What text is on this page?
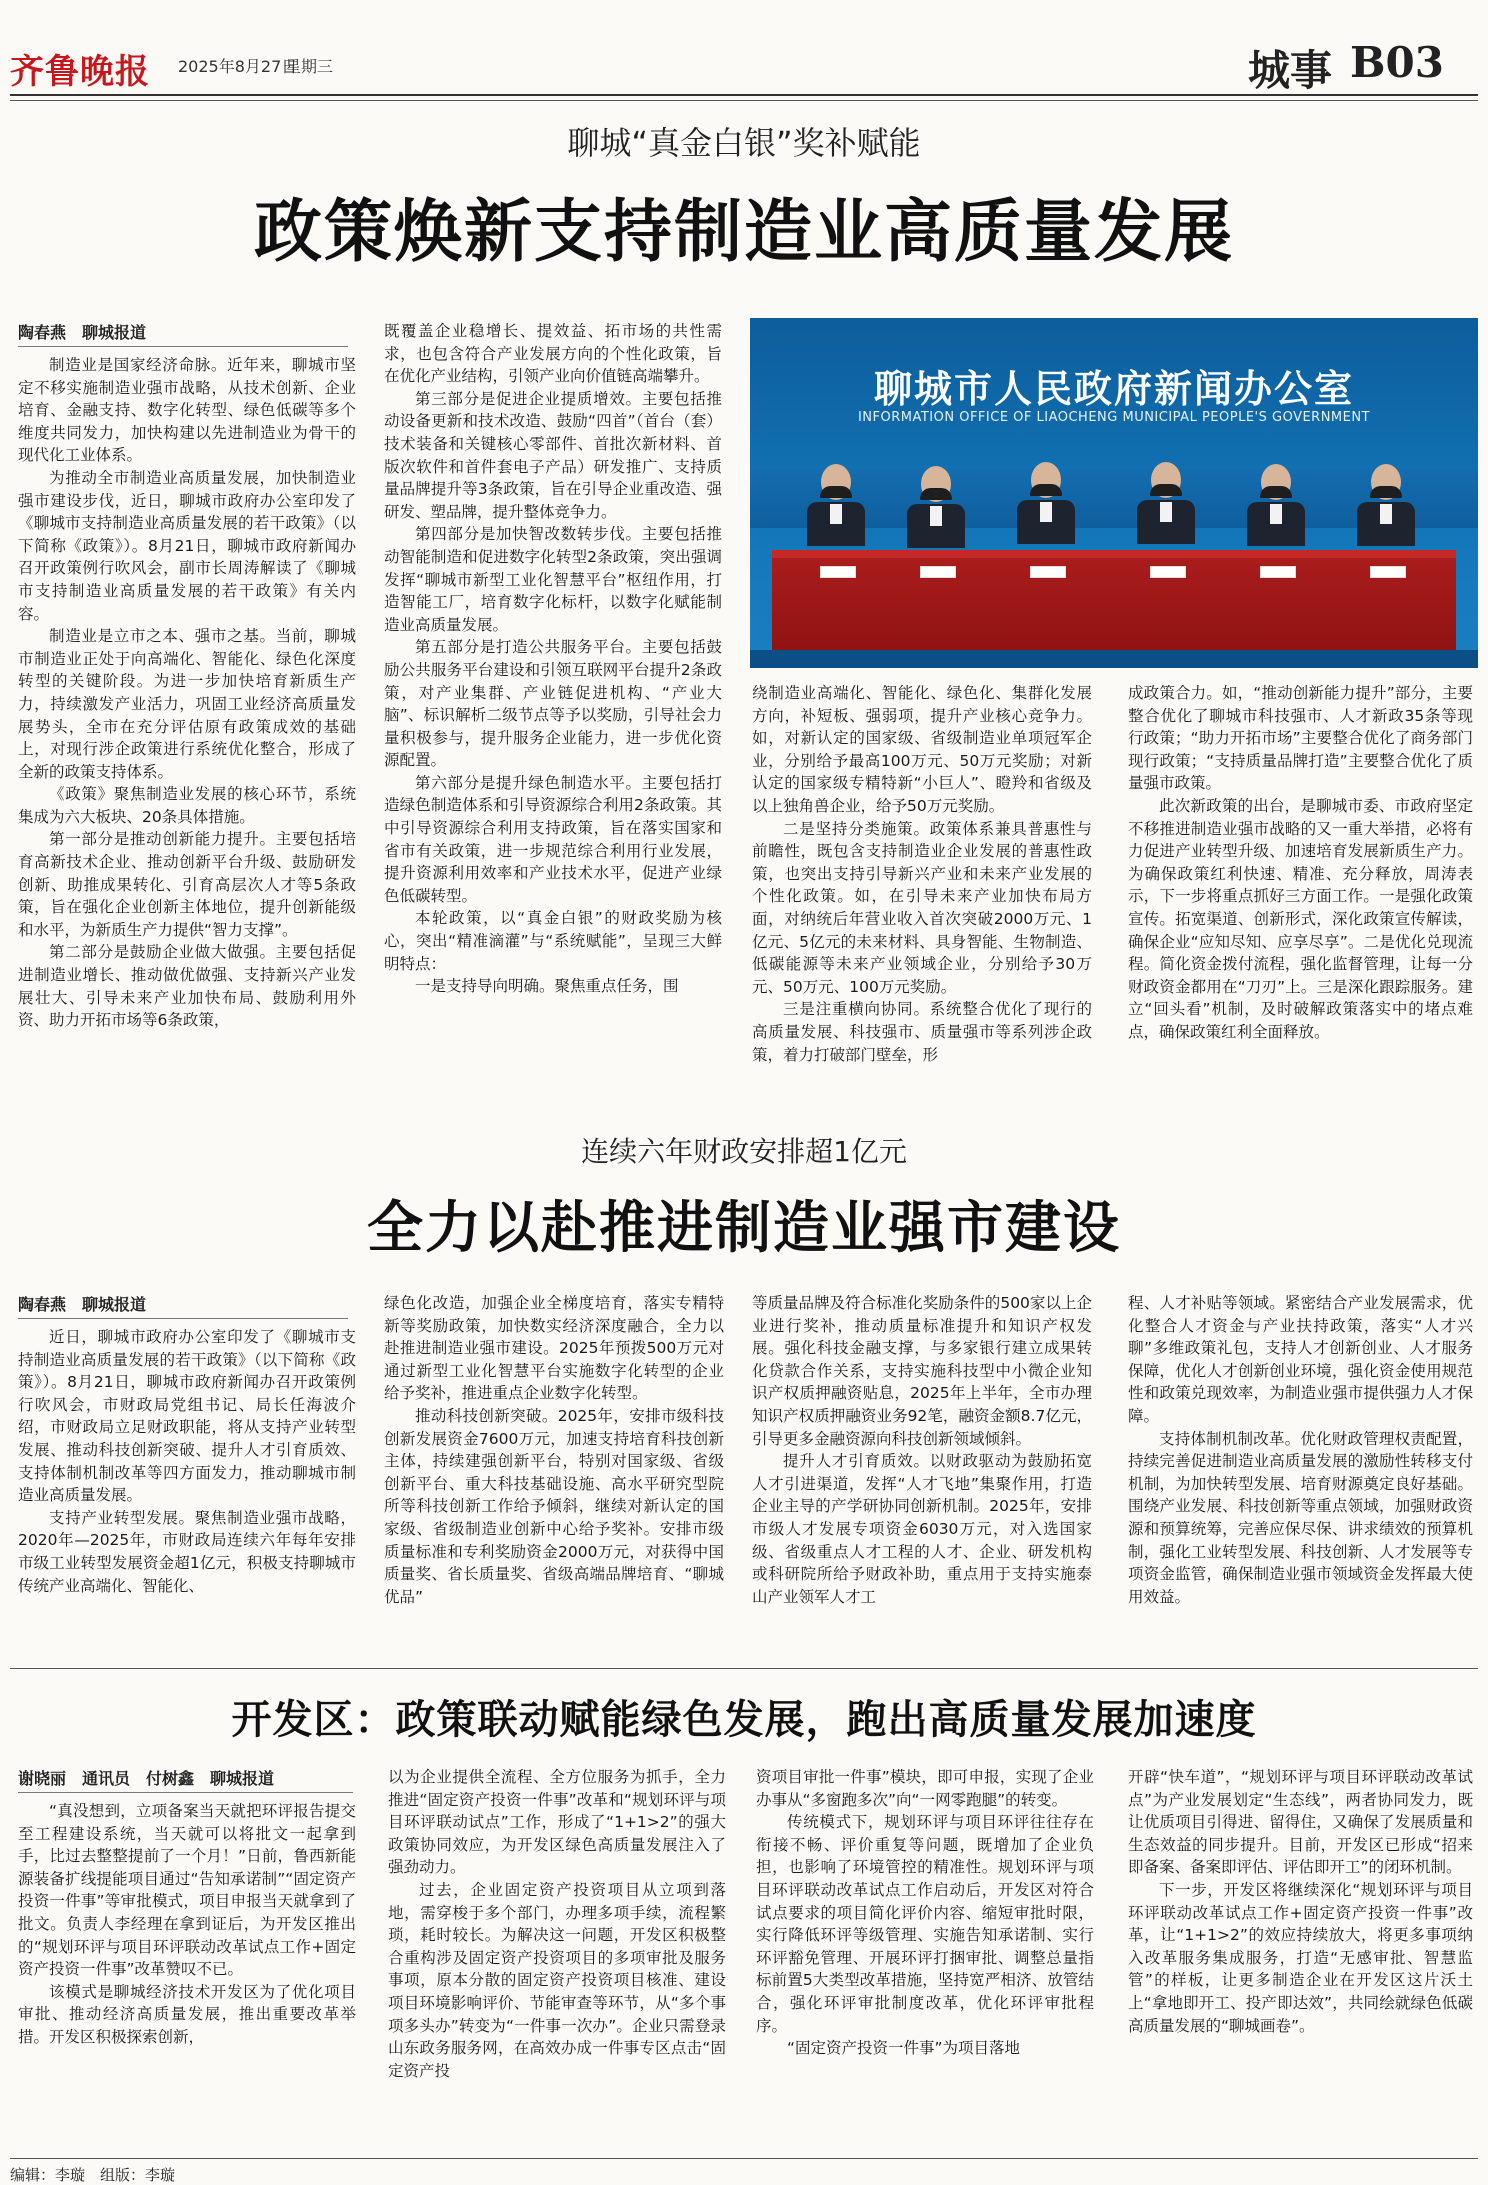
齐鲁晚报 2025年8月27日
星期三	城事 B03
聊城“真金白银”奖补赋能
政策焕新支持制造业高质量发展
陶春燕　聊城报道

制造业是国家经济命脉。近年来，聊城市坚定不移实施制造业强市战略，从技术创新、企业培育、金融支持、数字化转型、绿色低碳等多个维度共同发力，加快构建以先进制造业为骨干的现代化工业体系。

为推动全市制造业高质量发展，加快制造业强市建设步伐，近日，聊城市政府办公室印发了《聊城市支持制造业高质量发展的若干政策》（以下简称《政策》）。8月21日，聊城市政府新闻办召开政策例行吹风会，副市长周涛解读了《聊城市支持制造业高质量发展的若干政策》有关内容。

制造业是立市之本、强市之基。当前，聊城市制造业正处于向高端化、智能化、绿色化深度转型的关键阶段。为进一步加快培育新质生产力，持续激发产业活力，巩固工业经济高质量发展势头，全市在充分评估原有政策成效的基础上，对现行涉企政策进行系统优化整合，形成了全新的政策支持体系。

《政策》聚焦制造业发展的核心环节，系统集成为六大板块、20条具体措施。

第一部分是推动创新能力提升。主要包括培育高新技术企业、推动创新平台升级、鼓励研发创新、助推成果转化、引育高层次人才等5条政策，旨在强化企业创新主体地位，提升创新能级和水平，为新质生产力提供“智力支撑”。

第二部分是鼓励企业做大做强。主要包括促进制造业增长、推动做优做强、支持新兴产业发展壮大、引导未来产业加快布局、鼓励利用外资、助力开拓市场等6条政策，

既覆盖企业稳增长、提效益、拓市场的共性需求，也包含符合产业发展方向的个性化政策，旨在优化产业结构，引领产业向价值链高端攀升。

第三部分是促进企业提质增效。主要包括推动设备更新和技术改造、鼓励“四首”（首台（套）技术装备和关键核心零部件、首批次新材料、首版次软件和首件套电子产品）研发推广、支持质量品牌提升等3条政策，旨在引导企业重改造、强研发、塑品牌，提升整体竞争力。

第四部分是加快智改数转步伐。主要包括推动智能制造和促进数字化转型2条政策，突出强调发挥“聊城市新型工业化智慧平台”枢纽作用，打造智能工厂，培育数字化标杆，以数字化赋能制造业高质量发展。

第五部分是打造公共服务平台。主要包括鼓励公共服务平台建设和引领互联网平台提升2条政策，对产业集群、产业链促进机构、“产业大脑”、标识解析二级节点等予以奖励，引导社会力量积极参与，提升服务企业能力，进一步优化资源配置。

第六部分是提升绿色制造水平。主要包括打造绿色制造体系和引导资源综合利用2条政策。其中引导资源综合利用支持政策，旨在落实国家和省市有关政策，进一步规范综合利用行业发展，提升资源利用效率和产业技术水平，促进产业绿色低碳转型。

本轮政策，以“真金白银”的财政奖励为核心，突出“精准滴灌”与“系统赋能”，呈现三大鲜明特点：

一是支持导向明确。聚焦重点任务，围

聊城市人民政府新闻办公室
INFORMATION OFFICE OF LIAOCHENG MUNICIPAL PEOPLE'S GOVERNMENT

绕制造业高端化、智能化、绿色化、集群化发展方向，补短板、强弱项，提升产业核心竞争力。如，对新认定的国家级、省级制造业单项冠军企业，分别给予最高100万元、50万元奖励；对新认定的国家级专精特新“小巨人”、瞪羚和省级及以上独角兽企业，给予50万元奖励。

二是坚持分类施策。政策体系兼具普惠性与前瞻性，既包含支持制造业企业发展的普惠性政策，也突出支持引导新兴产业和未来产业发展的个性化政策。如，在引导未来产业加快布局方面，对纳统后年营业收入首次突破2000万元、1亿元、5亿元的未来材料、具身智能、生物制造、低碳能源等未来产业领域企业，分别给予30万元、50万元、100万元奖励。

三是注重横向协同。系统整合优化了现行的高质量发展、科技强市、质量强市等系列涉企政策，着力打破部门壁垒，形

成政策合力。如，“推动创新能力提升”部分，主要整合优化了聊城市科技强市、人才新政35条等现行政策；“助力开拓市场”主要整合优化了商务部门现行政策；“支持质量品牌打造”主要整合优化了质量强市政策。

此次新政策的出台，是聊城市委、市政府坚定不移推进制造业强市战略的又一重大举措，必将有力促进产业转型升级、加速培育发展新质生产力。为确保政策红利快速、精准、充分释放，周涛表示，下一步将重点抓好三方面工作。一是强化政策宣传。拓宽渠道、创新形式，深化政策宣传解读，确保企业“应知尽知、应享尽享”。二是优化兑现流程。简化资金拨付流程，强化监督管理，让每一分财政资金都用在“刀刃”上。三是深化跟踪服务。建立“回头看”机制，及时破解政策落实中的堵点难点，确保政策红利全面释放。

连续六年财政安排超1亿元
全力以赴推进制造业强市建设
陶春燕　聊城报道

近日，聊城市政府办公室印发了《聊城市支持制造业高质量发展的若干政策》（以下简称《政策》）。8月21日，聊城市政府新闻办召开政策例行吹风会，市财政局党组书记、局长任海波介绍，市财政局立足财政职能，将从支持产业转型发展、推动科技创新突破、提升人才引育质效、支持体制机制改革等四方面发力，推动聊城市制造业高质量发展。

支持产业转型发展。聚焦制造业强市战略，2020年—2025年，市财政局连续六年每年安排市级工业转型发展资金超1亿元，积极支持聊城市传统产业高端化、智能化、

绿色化改造，加强企业全梯度培育，落实专精特新等奖励政策，加快数实经济深度融合，全力以赴推进制造业强市建设。2025年预拨500万元对通过新型工业化智慧平台实施数字化转型的企业给予奖补，推进重点企业数字化转型。

推动科技创新突破。2025年，安排市级科技创新发展资金7600万元，加速支持培育科技创新主体，持续建强创新平台，特别对国家级、省级创新平台、重大科技基础设施、高水平研究型院所等科技创新工作给予倾斜，继续对新认定的国家级、省级制造业创新中心给予奖补。安排市级质量标准和专利奖励资金2000万元，对获得中国质量奖、省长质量奖、省级高端品牌培育、“聊城优品”

等质量品牌及符合标准化奖励条件的500家以上企业进行奖补，推动质量标准提升和知识产权发展。强化科技金融支撑，与多家银行建立成果转化贷款合作关系，支持实施科技型中小微企业知识产权质押融资贴息，2025年上半年，全市办理知识产权质押融资业务92笔，融资金额8.7亿元，引导更多金融资源向科技创新领域倾斜。

提升人才引育质效。以财政驱动为鼓励拓宽人才引进渠道，发挥“人才飞地”集聚作用，打造企业主导的产学研协同创新机制。2025年，安排市级人才发展专项资金6030万元，对入选国家级、省级重点人才工程的人才、企业、研发机构或科研院所给予财政补助，重点用于支持实施泰山产业领军人才工

程、人才补贴等领域。紧密结合产业发展需求，优化整合人才资金与产业扶持政策，落实“人才兴聊”多维政策礼包，支持人才创新创业、人才服务保障，优化人才创新创业环境，强化资金使用规范性和政策兑现效率，为制造业强市提供强力人才保障。

支持体制机制改革。优化财政管理权责配置，持续完善促进制造业高质量发展的激励性转移支付机制，为加快转型发展、培育财源奠定良好基础。围绕产业发展、科技创新等重点领域，加强财政资源和预算统筹，完善应保尽保、讲求绩效的预算机制，强化工业转型发展、科技创新、人才发展等专项资金监管，确保制造业强市领域资金发挥最大使用效益。

开发区：政策联动赋能绿色发展，跑出高质量发展加速度
谢晓丽　通讯员　付树鑫　聊城报道

“真没想到，立项备案当天就把环评报告提交至工程建设系统，当天就可以将批文一起拿到手，比过去整整提前了一个月！”日前，鲁西新能源装备扩线提能项目通过“告知承诺制”“固定资产投资一件事”等审批模式，项目申报当天就拿到了批文。负责人李经理在拿到证后，为开发区推出的“规划环评与项目环评联动改革试点工作+固定资产投资一件事”改革赞叹不已。

该模式是聊城经济技术开发区为了优化项目审批、推动经济高质量发展，推出重要改革举措。开发区积极探索创新，

以为企业提供全流程、全方位服务为抓手，全力推进“固定资产投资一件事”改革和“规划环评与项目环评联动试点”工作，形成了“1+1>2”的强大政策协同效应，为开发区绿色高质量发展注入了强劲动力。

过去，企业固定资产投资项目从立项到落地，需穿梭于多个部门，办理多项手续，流程繁琐，耗时较长。为解决这一问题，开发区积极整合重构涉及固定资产投资项目的多项审批及服务事项，原本分散的固定资产投资项目核准、建设项目环境影响评价、节能审查等环节，从“多个事项多头办”转变为“一件事一次办”。企业只需登录山东政务服务网，在高效办成一件事专区点击“固定资产投

资项目审批一件事”模块，即可申报，实现了企业办事从“多窗跑多次”向“一网零跑腿”的转变。

传统模式下，规划环评与项目环评往往存在衔接不畅、评价重复等问题，既增加了企业负担，也影响了环境管控的精准性。规划环评与项目环评联动改革试点工作启动后，开发区对符合试点要求的项目简化评价内容、缩短审批时限，实行降低环评等级管理、实施告知承诺制、实行环评豁免管理、开展环评打捆审批、调整总量指标前置5大类型改革措施，坚持宽严相济、放管结合，强化环评审批制度改革，优化环评审批程序。

“固定资产投资一件事”为项目落地

开辟“快车道”，“规划环评与项目环评联动改革试点”为产业发展划定“生态线”，两者协同发力，既让优质项目引得进、留得住，又确保了发展质量和生态效益的同步提升。目前，开发区已形成“招来即备案、备案即评估、评估即开工”的闭环机制。

下一步，开发区将继续深化“规划环评与项目环评联动改革试点工作+固定资产投资一件事”改革，让“1+1>2”的效应持续放大，将更多事项纳入改革服务集成服务，打造“无感审批、智慧监管”的样板，让更多制造企业在开发区这片沃土上“拿地即开工、投产即达效”，共同绘就绿色低碳高质量发展的“聊城画卷”。

编辑：李璇　组版：李璇
